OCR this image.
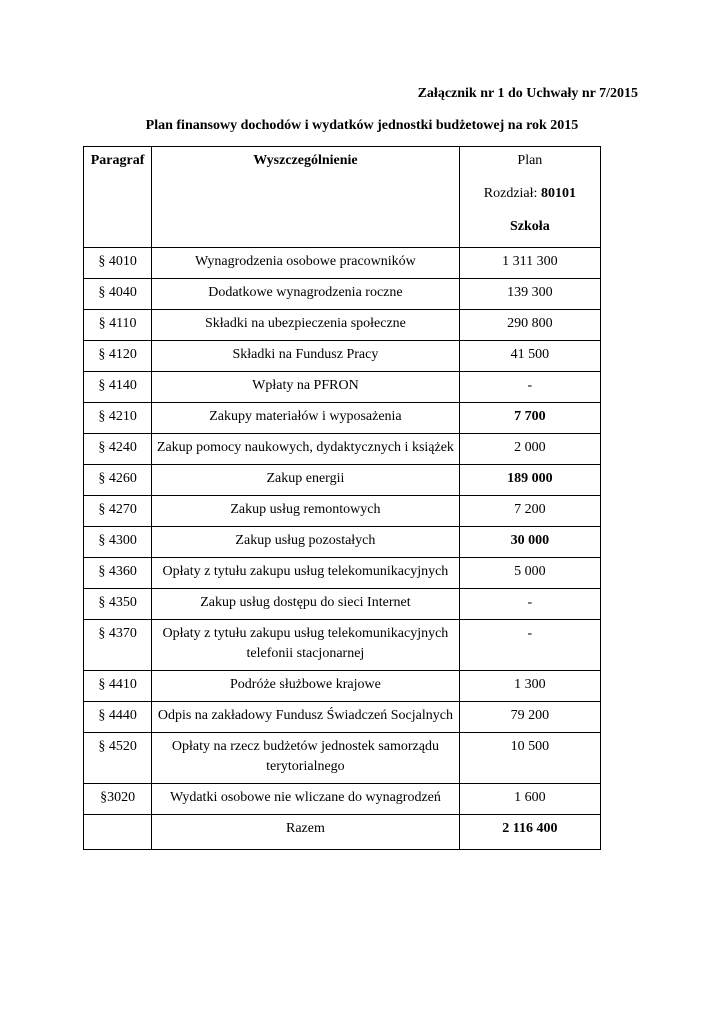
Załącznik nr 1 do Uchwały nr 7/2015

Plan finansowy dochodów i wydatków jednostki budżetowej na rok 2015

Paragraf	Wyszczególnienie	Plan
Rozdział: 80101
Szkoła

§ 4010	Wynagrodzenia osobowe pracowników	1 311 300
§ 4040	Dodatkowe wynagrodzenia roczne	139 300
§ 4110	Składki na ubezpieczenia społeczne	290 800
§ 4120	Składki na Fundusz Pracy	41 500
§ 4140	Wpłaty na PFRON	-
§ 4210	Zakupy materiałów i wyposażenia	7 700
§ 4240	Zakup pomocy naukowych, dydaktycznych i książek	2 000
§ 4260	Zakup energii	189 000
§ 4270	Zakup usług remontowych	7 200
§ 4300	Zakup usług pozostałych	30 000
§ 4360	Opłaty z tytułu zakupu usług telekomunikacyjnych	5 000
§ 4350	Zakup usług dostępu do sieci Internet	-
§ 4370	Opłaty z tytułu zakupu usług telekomunikacyjnych telefonii stacjonarnej	-
§ 4410	Podróże służbowe krajowe	1 300
§ 4440	Odpis na zakładowy Fundusz Świadczeń Socjalnych	79 200
§ 4520	Opłaty na rzecz budżetów jednostek samorządu terytorialnego	10 500
§3020	Wydatki osobowe nie wliczane do wynagrodzeń	1 600
	Razem	2 116 400
